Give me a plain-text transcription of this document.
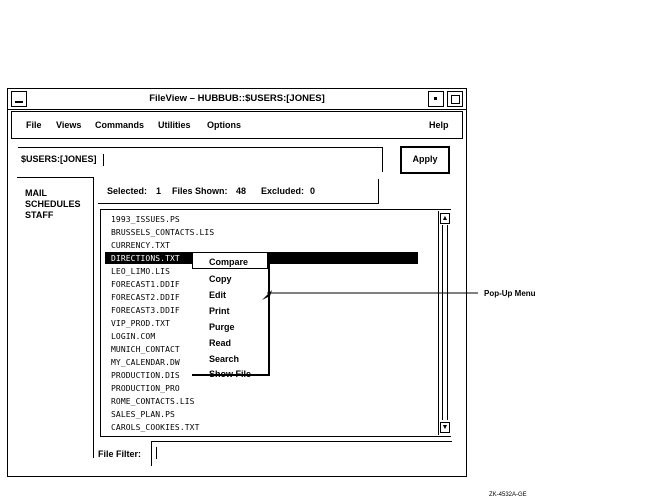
FileView – HUBBUB::$USERS:[JONES]
File Views Commands Utilities Options	Help
$USERS:[JONES]	Apply
MAIL
SCHEDULES
STAFF
Selected: 1 Files Shown: 48 Excluded: 0
1993_ISSUES.PS
BRUSSELS_CONTACTS.LIS
CURRENCY.TXT
DIRECTIONS.TXT
LEO_LIMO.LIS
FORECAST1.DDIF
FORECAST2.DDIF
FORECAST3.DDIF
VIP_PROD.TXT
LOGIN.COM
MUNICH_CONTACT
MY_CALENDAR.DW
PRODUCTION.DIS
PRODUCTION_PRO
ROME_CONTACTS.LIS
SALES_PLAN.PS
CAROLS_COOKIES.TXT
▲
▼
Compare
Copy
Edit
Print
Purge
Read
Search
Show File
File Filter:
Pop-Up Menu
ZK-4532A-GE
